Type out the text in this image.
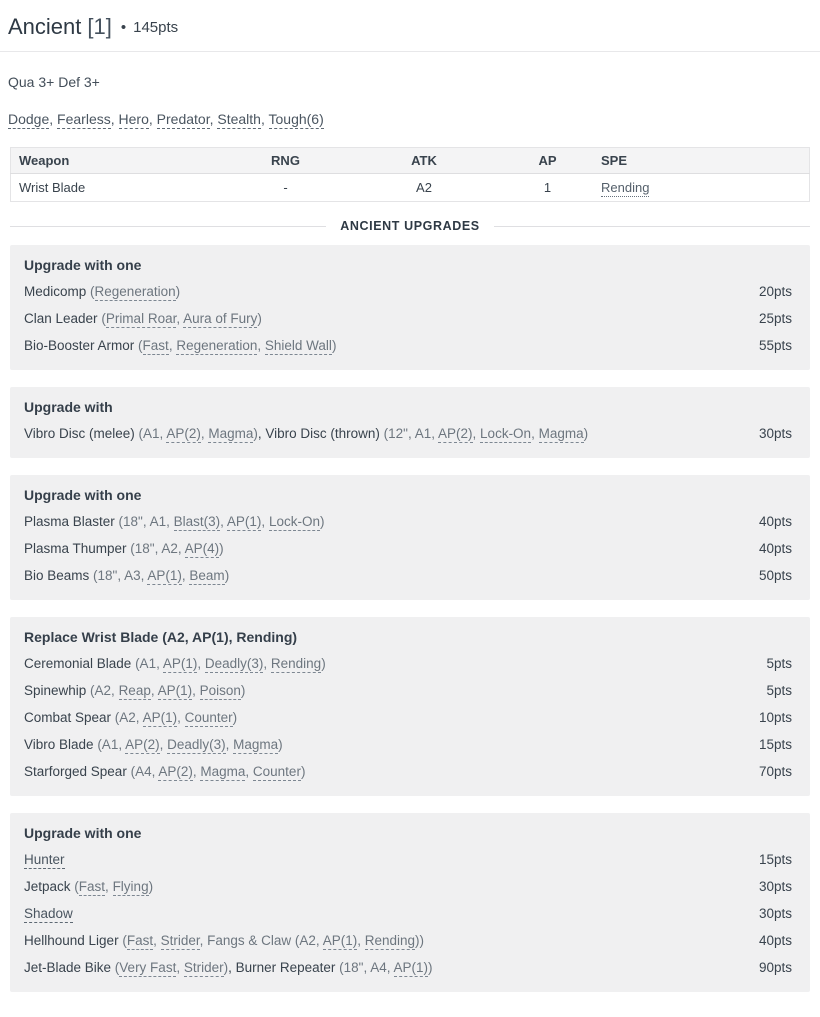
Ancient [1] • 145pts
Qua 3+ Def 3+
Dodge, Fearless, Hero, Predator, Stealth, Tough(6)
Weapon	RNG	ATK	AP	SPE
Wrist Blade	-	A2	1	Rending
ANCIENT UPGRADES
Upgrade with one
Medicomp (Regeneration)	20pts
Clan Leader (Primal Roar, Aura of Fury)	25pts
Bio-Booster Armor (Fast, Regeneration, Shield Wall)	55pts
Upgrade with
Vibro Disc (melee) (A1, AP(2), Magma), Vibro Disc (thrown) (12", A1, AP(2), Lock-On, Magma)	30pts
Upgrade with one
Plasma Blaster (18", A1, Blast(3), AP(1), Lock-On)	40pts
Plasma Thumper (18", A2, AP(4))	40pts
Bio Beams (18", A3, AP(1), Beam)	50pts
Replace Wrist Blade (A2, AP(1), Rending)
Ceremonial Blade (A1, AP(1), Deadly(3), Rending)	5pts
Spinewhip (A2, Reap, AP(1), Poison)	5pts
Combat Spear (A2, AP(1), Counter)	10pts
Vibro Blade (A1, AP(2), Deadly(3), Magma)	15pts
Starforged Spear (A4, AP(2), Magma, Counter)	70pts
Upgrade with one
Hunter	15pts
Jetpack (Fast, Flying)	30pts
Shadow	30pts
Hellhound Liger (Fast, Strider, Fangs & Claw (A2, AP(1), Rending))	40pts
Jet-Blade Bike (Very Fast, Strider), Burner Repeater (18", A4, AP(1))	90pts
